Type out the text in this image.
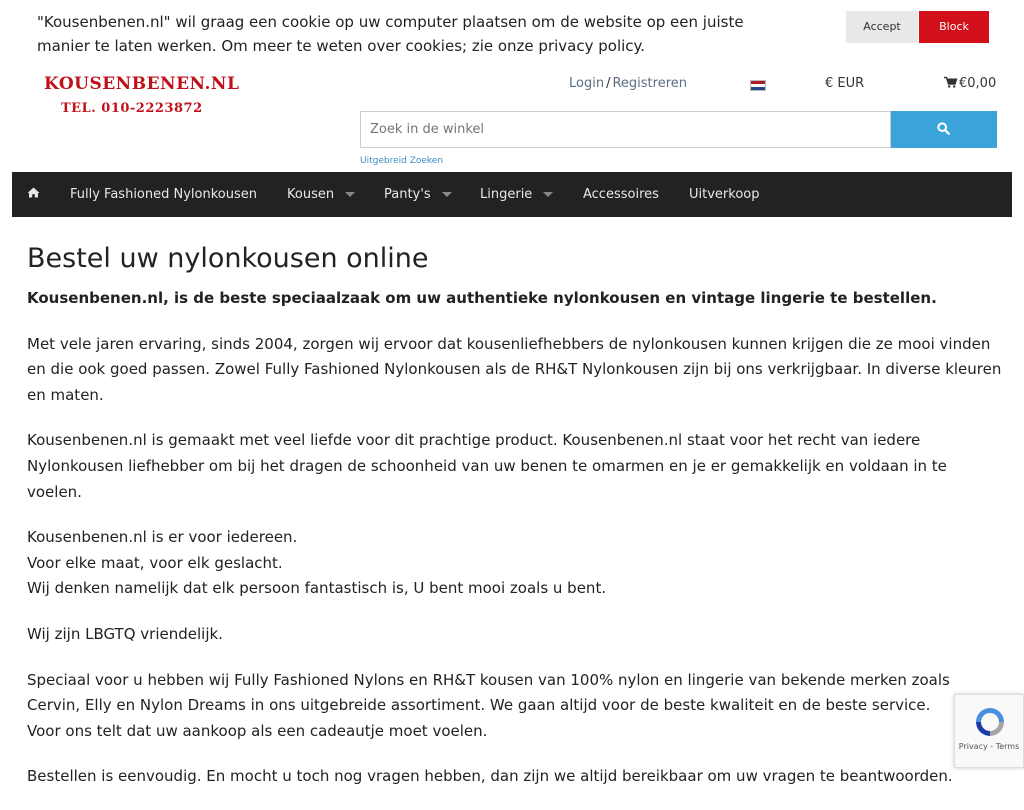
"Kousenbenen.nl" wil graag een cookie op uw computer plaatsen om de website op een juiste manier te laten werken. Om meer te weten over cookies; zie onze privacy policy.
Accept	Block
KOUSENBENEN.NL
TEL. 010-2223872
Login / Registreren	€ EUR	€0,00
Zoek in de winkel
Uitgebreid Zoeken
Fully Fashioned Nylonkousen Kousen	Panty's	Lingerie	Accessoires Uitverkoop
Bestel uw nylonkousen online

Kousenbenen.nl, is de beste speciaalzaak om uw authentieke nylonkousen en vintage lingerie te bestellen.

Met vele jaren ervaring, sinds 2004, zorgen wij ervoor dat kousenliefhebbers de nylonkousen kunnen krijgen die ze mooi vinden en die ook goed passen. Zowel Fully Fashioned Nylonkousen als de RH&T Nylonkousen zijn bij ons verkrijgbaar. In diverse kleuren en maten.

Kousenbenen.nl is gemaakt met veel liefde voor dit prachtige product. Kousenbenen.nl staat voor het recht van iedere Nylonkousen liefhebber om bij het dragen de schoonheid van uw benen te omarmen en je er gemakkelijk en voldaan in te voelen.

Kousenbenen.nl is er voor iedereen.

Voor elke maat, voor elk geslacht.

Wij denken namelijk dat elk persoon fantastisch is, U bent mooi zoals u bent.

Wij zijn LBGTQ vriendelijk.

Speciaal voor u hebben wij Fully Fashioned Nylons en RH&T kousen van 100% nylon en lingerie van bekende merken zoals Cervin, Elly en Nylon Dreams in ons uitgebreide assortiment. We gaan altijd voor de beste kwaliteit en de beste service.

Voor ons telt dat uw aankoop als een cadeautje moet voelen.

Bestellen is eenvoudig. En mocht u toch nog vragen hebben, dan zijn we altijd bereikbaar om uw vragen te beantwoorden.

Privacy - Terms
